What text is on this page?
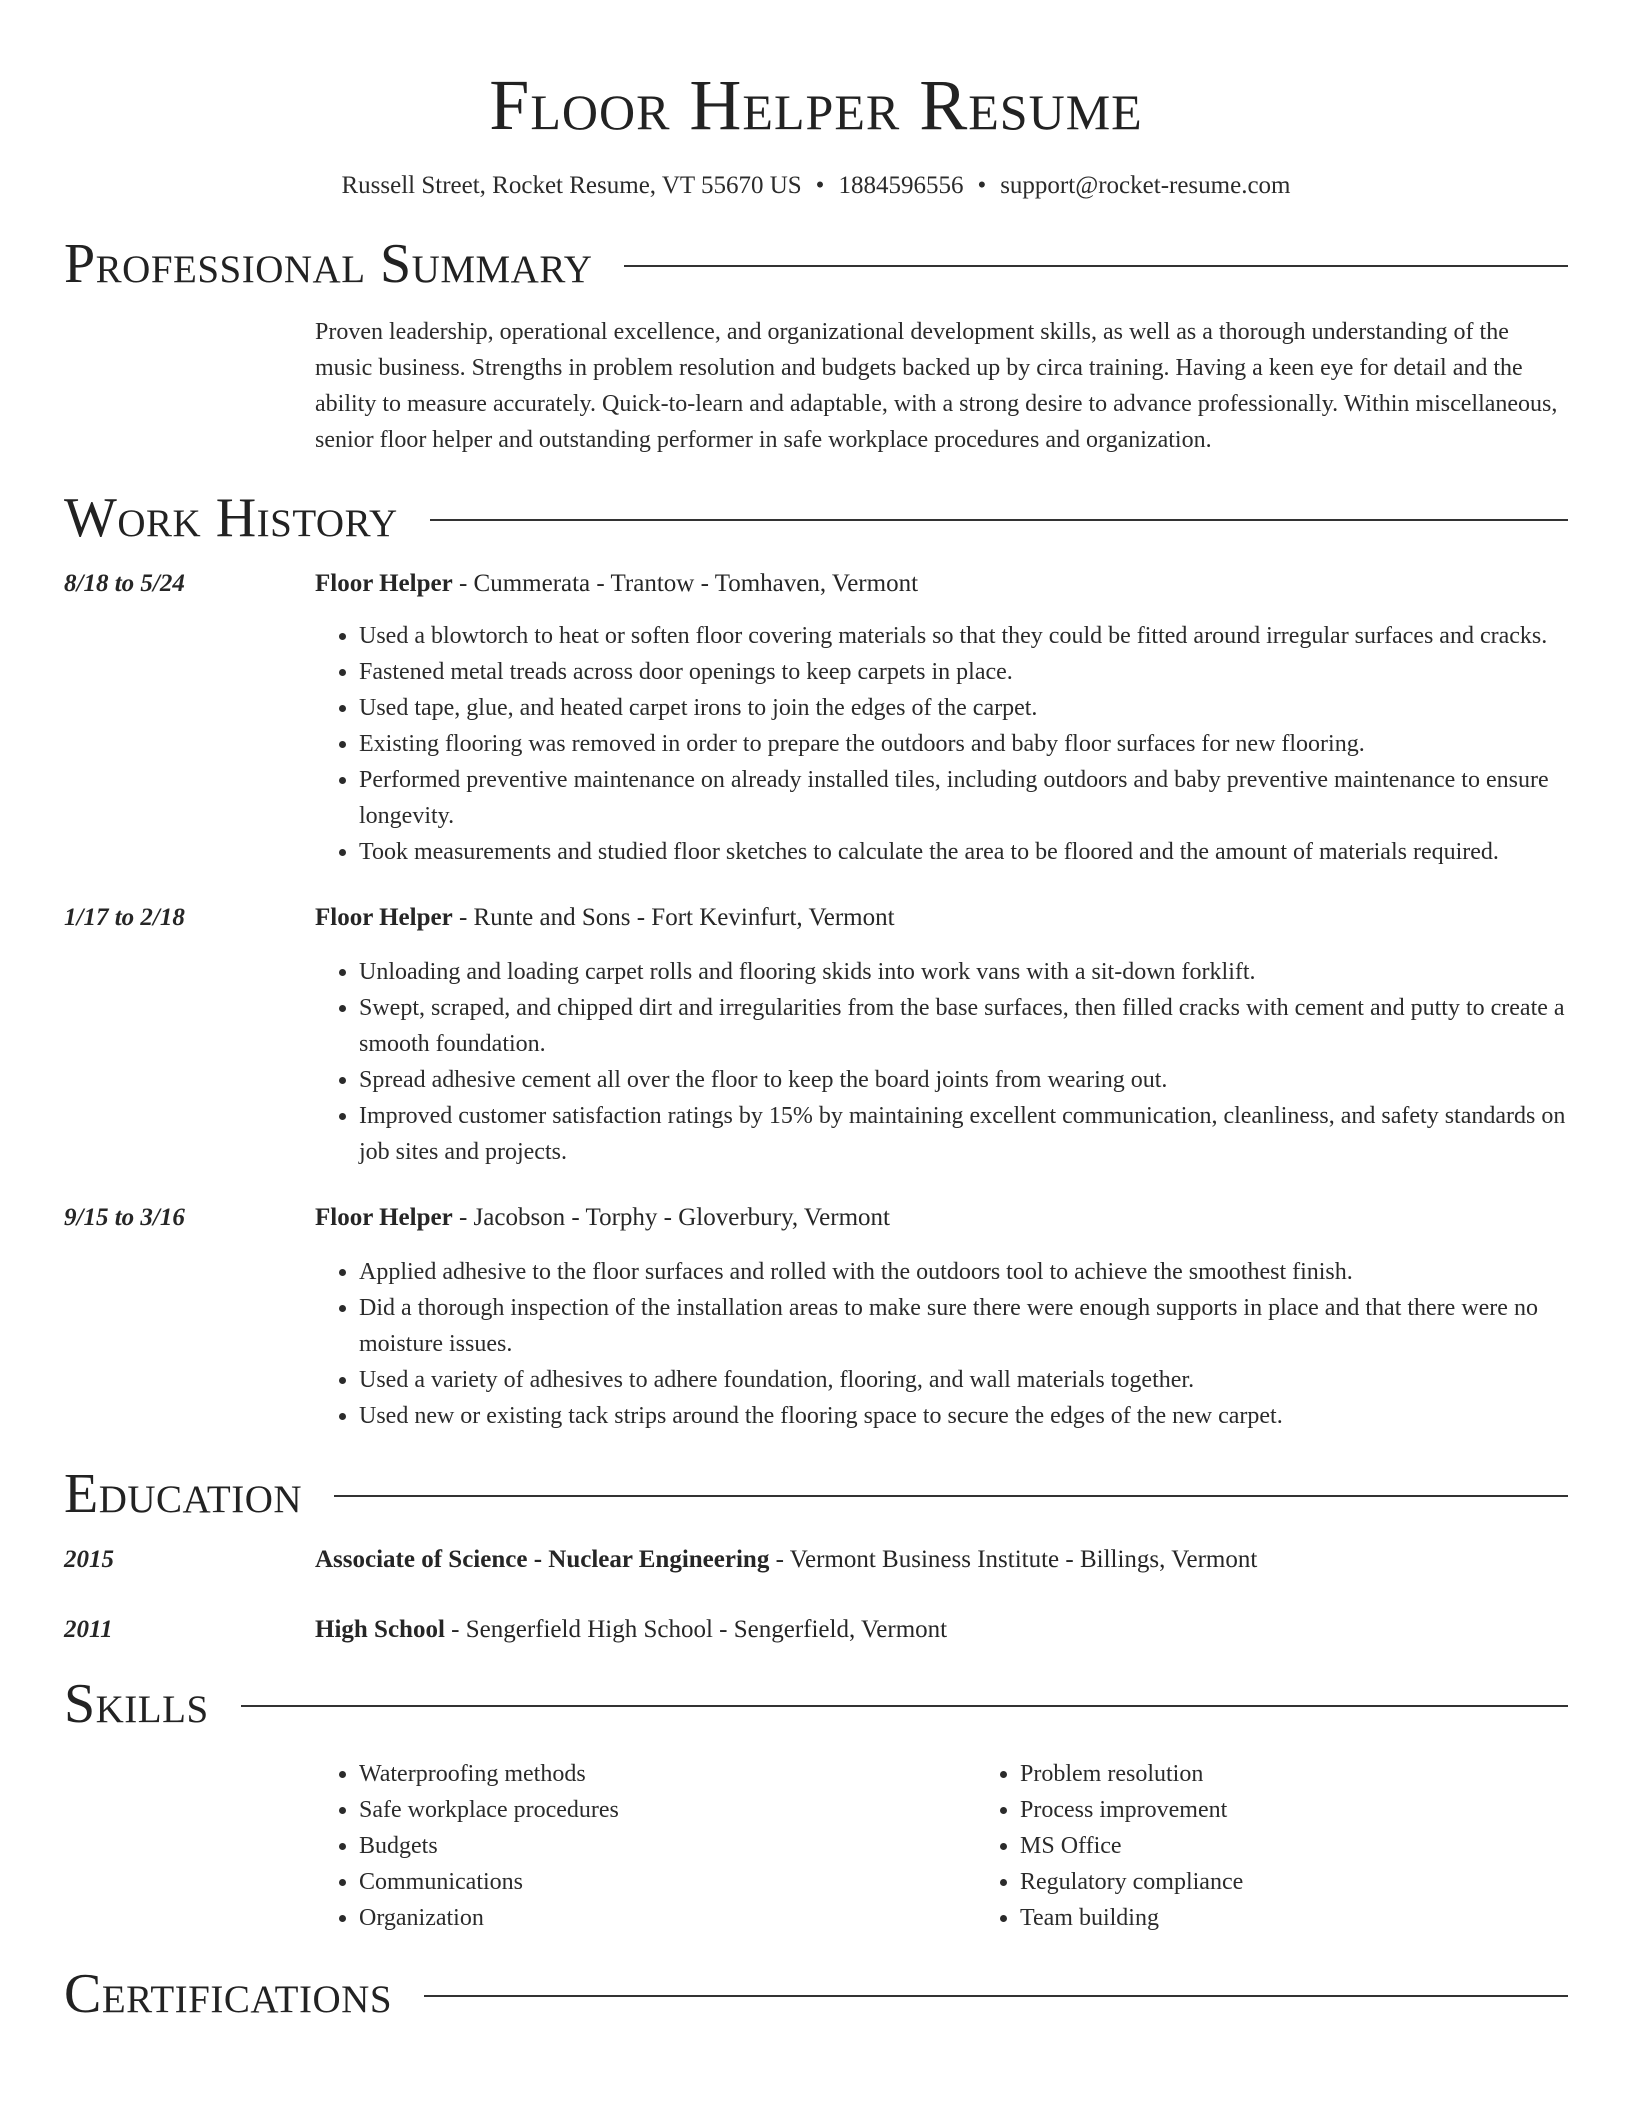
Floor Helper Resume
Russell Street, Rocket Resume, VT 55670 US • 1884596556 • support@rocket-resume.com
Professional Summary
Proven leadership, operational excellence, and organizational development skills, as well as a thorough understanding of the music business. Strengths in problem resolution and budgets backed up by circa training. Having a keen eye for detail and the ability to measure accurately. Quick-to-learn and adaptable, with a strong desire to advance professionally. Within miscellaneous, senior floor helper and outstanding performer in safe workplace procedures and organization.
Work History
8/18 to 5/24	Floor Helper - Cummerata - Trantow - Tomhaven, Vermont
• Used a blowtorch to heat or soften floor covering materials so that they could be fitted around irregular surfaces and cracks.
• Fastened metal treads across door openings to keep carpets in place.
• Used tape, glue, and heated carpet irons to join the edges of the carpet.
• Existing flooring was removed in order to prepare the outdoors and baby floor surfaces for new flooring.
• Performed preventive maintenance on already installed tiles, including outdoors and baby preventive maintenance to ensure longevity.
• Took measurements and studied floor sketches to calculate the area to be floored and the amount of materials required.
1/17 to 2/18	Floor Helper - Runte and Sons - Fort Kevinfurt, Vermont
• Unloading and loading carpet rolls and flooring skids into work vans with a sit-down forklift.
• Swept, scraped, and chipped dirt and irregularities from the base surfaces, then filled cracks with cement and putty to create a smooth foundation.
• Spread adhesive cement all over the floor to keep the board joints from wearing out.
• Improved customer satisfaction ratings by 15% by maintaining excellent communication, cleanliness, and safety standards on job sites and projects.
9/15 to 3/16	Floor Helper - Jacobson - Torphy - Gloverbury, Vermont
• Applied adhesive to the floor surfaces and rolled with the outdoors tool to achieve the smoothest finish.
• Did a thorough inspection of the installation areas to make sure there were enough supports in place and that there were no moisture issues.
• Used a variety of adhesives to adhere foundation, flooring, and wall materials together.
• Used new or existing tack strips around the flooring space to secure the edges of the new carpet.
Education
2015	Associate of Science - Nuclear Engineering - Vermont Business Institute - Billings, Vermont
2011	High School - Sengerfield High School - Sengerfield, Vermont
Skills
• Waterproofing methods
• Safe workplace procedures
• Budgets
• Communications
• Organization
• Problem resolution
• Process improvement
• MS Office
• Regulatory compliance
• Team building
Certifications
